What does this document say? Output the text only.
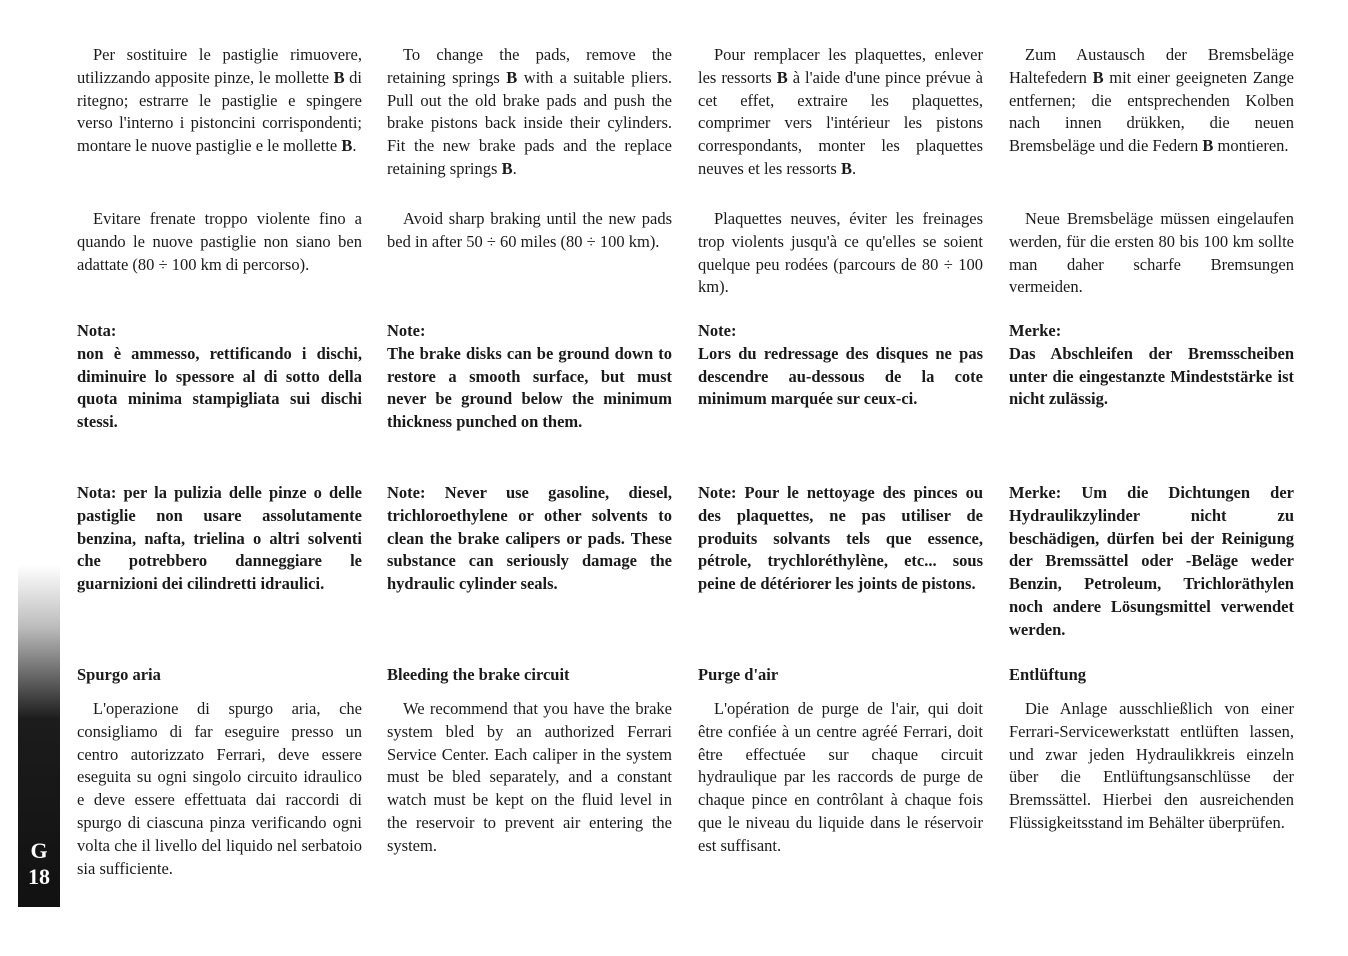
G
18

Per sostituire le pastiglie rimuovere, utilizzando apposite pinze, le mollette B di ritegno; estrarre le pastiglie e spingere verso l'interno i pistoncini corrispondenti; montare le nuove pastiglie e le mollette B.

Evitare frenate troppo violente fino a quando le nuove pastiglie non siano ben adattate (80 ÷ 100 km di percorso).

Nota:

non è ammesso, rettificando i dischi, diminuire lo spessore al di sotto della quota minima stampigliata sui dischi stessi.

Nota: per la pulizia delle pinze o delle pastiglie non usare assolutamente benzina, nafta, trielina o altri solventi che potrebbero danneggiare le guarnizioni dei cilindretti idraulici.

Spurgo aria

L'operazione di spurgo aria, che consigliamo di far eseguire presso un centro autorizzato Ferrari, deve essere eseguita su ogni singolo circuito idraulico e deve essere effettuata dai raccordi di spurgo di ciascuna pinza verificando ogni volta che il livello del liquido nel serbatoio sia sufficiente.

To change the pads, remove the retaining springs B with a suitable pliers. Pull out the old brake pads and push the brake pistons back inside their cylinders. Fit the new brake pads and the replace retaining springs B.

Avoid sharp braking until the new pads bed in after 50 ÷ 60 miles (80 ÷ 100 km).

Note:

The brake disks can be ground down to restore a smooth surface, but must never be ground below the minimum thickness punched on them.

Note: Never use gasoline, diesel, trichloroethylene or other solvents to clean the brake calipers or pads. These substance can seriously damage the hydraulic cylinder seals.

Bleeding the brake circuit

We recommend that you have the brake system bled by an authorized Ferrari Service Center. Each caliper in the system must be bled separately, and a constant watch must be kept on the fluid level in the reservoir to prevent air entering the system.

Pour remplacer les plaquettes, enlever les ressorts B à l'aide d'une pince prévue à cet effet, extraire les plaquettes, comprimer vers l'intérieur les pistons correspondants, monter les plaquettes neuves et les ressorts B.

Plaquettes neuves, éviter les freinages trop violents jusqu'à ce qu'elles se soient quelque peu rodées (parcours de 80 ÷ 100 km).

Note:

Lors du redressage des disques ne pas descendre au-dessous de la cote minimum marquée sur ceux-ci.

Note: Pour le nettoyage des pinces ou des plaquettes, ne pas utiliser de produits solvants tels que essence, pétrole, trychloréthylène, etc... sous peine de détériorer les joints de pistons.

Purge d'air

L'opération de purge de l'air, qui doit être confiée à un centre agréé Ferrari, doit être effectuée sur chaque circuit hydraulique par les raccords de purge de chaque pince en contrôlant à chaque fois que le niveau du liquide dans le réservoir est suffisant.

Zum Austausch der Bremsbeläge Haltefedern B mit einer geeigneten Zange entfernen; die entsprechenden Kolben nach innen drükken, die neuen Bremsbeläge und die Federn B montieren.

Neue Bremsbeläge müssen eingelaufen werden, für die ersten 80 bis 100 km sollte man daher scharfe Bremsungen vermeiden.

Merke:

Das Abschleifen der Bremsscheiben unter die eingestanzte Mindeststärke ist nicht zulässig.

Merke: Um die Dichtungen der Hydraulikzylinder nicht zu beschädigen, dürfen bei der Reinigung der Bremssättel oder -Beläge weder Benzin, Petroleum, Trichloräthylen noch andere Lösungsmittel verwendet werden.

Entlüftung

Die Anlage ausschließlich von einer Ferrari-Servicewerkstatt entlüften lassen, und zwar jeden Hydraulikkreis einzeln über die Entlüftungsanschlüsse der Bremssättel. Hierbei den ausreichenden Flüssigkeitsstand im Behälter überprüfen.
